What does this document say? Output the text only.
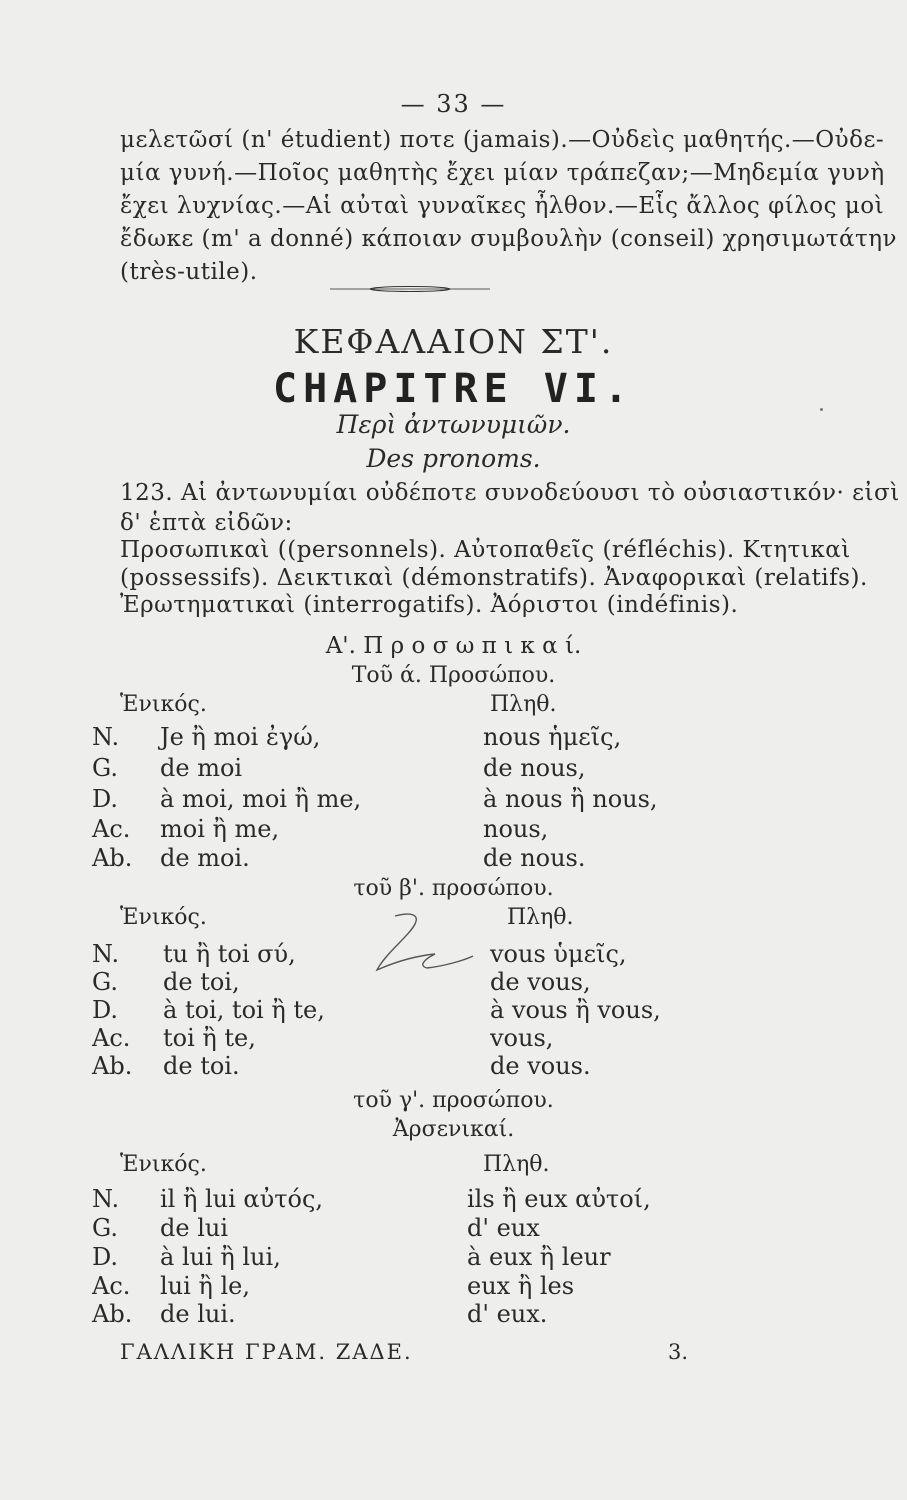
— 33 —
μελετῶσί (n' étudient) ποτε (jamais).—Οὐδεὶς μαθητής.—Οὐδε-
μία γυνή.—Ποῖος μαθητὴς ἔχει μίαν τράπεζαν;—Μηδεμία γυνὴ
ἔχει λυχνίας.—Αἱ αὐταὶ γυναῖκες ἦλθον.—Εἷς ἄλλος φίλος μοὶ
ἔδωκε (m' a donné) κάποιαν συμβουλὴν (conseil) χρησιμωτάτην
(très-utile).
ΚΕΦΑΛΑΙΟΝ ΣΤ'.
CHAPITRE VI.
Περὶ ἀντωνυμιῶν.
Des pronoms.
123. Αἱ ἀντωνυμίαι οὐδέποτε συνοδεύουσι τὸ οὐσιαστικόν· εἰσὶ
δ' ἑπτὰ εἰδῶν:
Προσωπικαὶ ((personnels). Αὐτοπαθεῖς (réfléchis). Κτητικαὶ
(possessifs). Δεικτικαὶ (démonstratifs). Ἀναφορικαὶ (relatifs).
Ἐρωτηματικαὶ (interrogatifs). Ἀόριστοι (indéfinis).
Α'. Π ρ ο σ ω π ι κ α ί.
Τοῦ ά. Προσώπου.
Ἑνικός.	Πληθ.
N. Je ἢ moi ἐγώ,	nous ἡμεῖς,
G. de moi	de nous,
D. à moi, moi ἢ me,	à nous ἢ nous,
Ac. moi ἢ me,	nous,
Ab. de moi.	de nous.
τοῦ β'. προσώπου.
Ἑνικός.	Πληθ.
N. tu ἢ toi σύ,	vous ὑμεῖς,
G. de toi,	de vous,
D. à toi, toi ἢ te,	à vous ἢ vous,
Ac. toi ἢ te,	vous,
Ab. de toi.	de vous.
τοῦ γ'. προσώπου.
Ἀρσενικαί.
Ἑνικός.	Πληθ.
N. il ἢ lui αὐτός,	ils ἢ eux αὐτοί,
G. de lui	d' eux
D. à lui ἢ lui,	à eux ἢ leur
Ac. lui ἢ le,	eux ἢ les
Ab. de lui.	d' eux.
ΓΑΛΛΙΚΗ ΓΡΑΜ. ΖΑΔΕ.	3.
